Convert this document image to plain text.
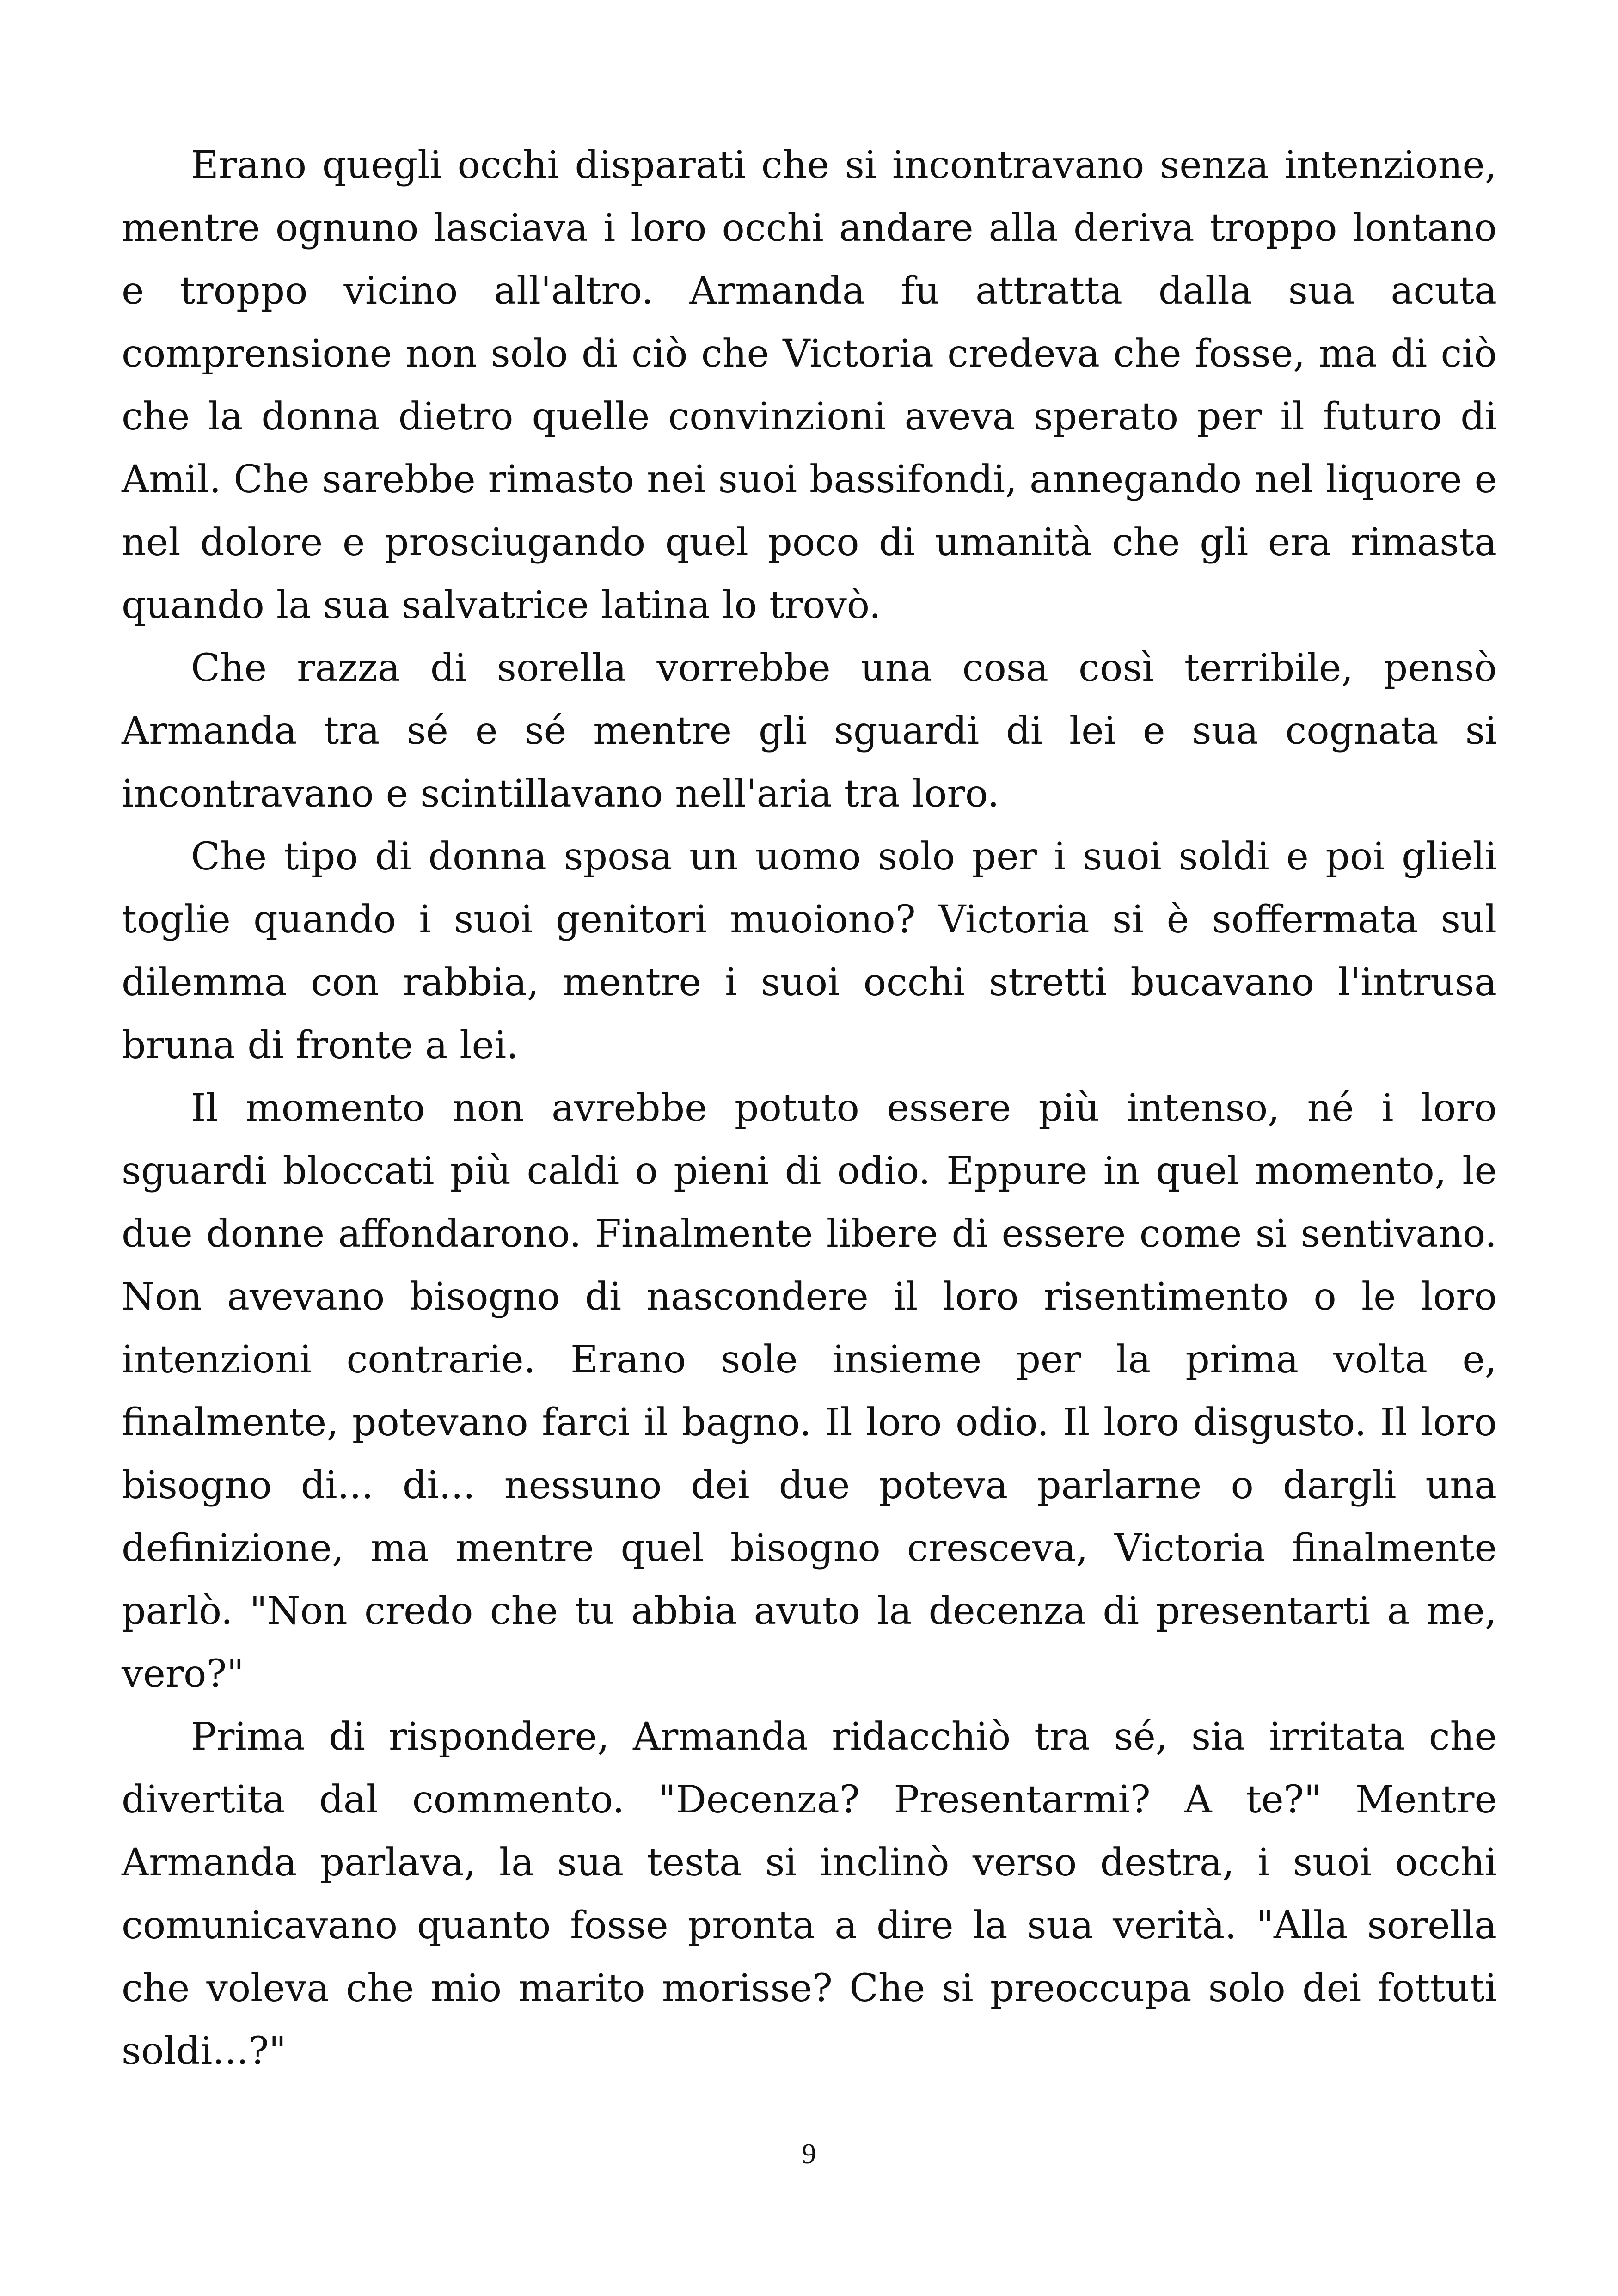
Erano quegli occhi disparati che si incontravano senza intenzione, mentre ognuno lasciava i loro occhi andare alla deriva troppo lontano e troppo vicino all'altro. Armanda fu attratta dalla sua acuta comprensione non solo di ciò che Victoria credeva che fosse, ma di ciò che la donna dietro quelle convinzioni aveva sperato per il futuro di Amil. Che sarebbe rimasto nei suoi bassifondi, annegando nel liquore e nel dolore e prosciugando quel poco di umanità che gli era rimasta quando la sua salvatrice latina lo trovò.

Che razza di sorella vorrebbe una cosa così terribile, pensò Armanda tra sé e sé mentre gli sguardi di lei e sua cognata si incontravano e scintillavano nell'aria tra loro.

Che tipo di donna sposa un uomo solo per i suoi soldi e poi glieli toglie quando i suoi genitori muoiono? Victoria si è soffermata sul dilemma con rabbia, mentre i suoi occhi stretti bucavano l'intrusa bruna di fronte a lei.

Il momento non avrebbe potuto essere più intenso, né i loro sguardi bloccati più caldi o pieni di odio. Eppure in quel momento, le due donne affondarono. Finalmente libere di essere come si sentivano. Non avevano bisogno di nascondere il loro risentimento o le loro intenzioni contrarie. Erano sole insieme per la prima volta e, finalmente, potevano farci il bagno. Il loro odio. Il loro disgusto. Il loro bisogno di... di... nessuno dei due poteva parlarne o dargli una definizione, ma mentre quel bisogno cresceva, Victoria finalmente parlò. "Non credo che tu abbia avuto la decenza di presentarti a me, vero?"

Prima di rispondere, Armanda ridacchiò tra sé, sia irritata che divertita dal commento. "Decenza? Presentarmi? A te?" Mentre Armanda parlava, la sua testa si inclinò verso destra, i suoi occhi comunicavano quanto fosse pronta a dire la sua verità. "Alla sorella che voleva che mio marito morisse? Che si preoccupa solo dei fottuti soldi...?"

9
